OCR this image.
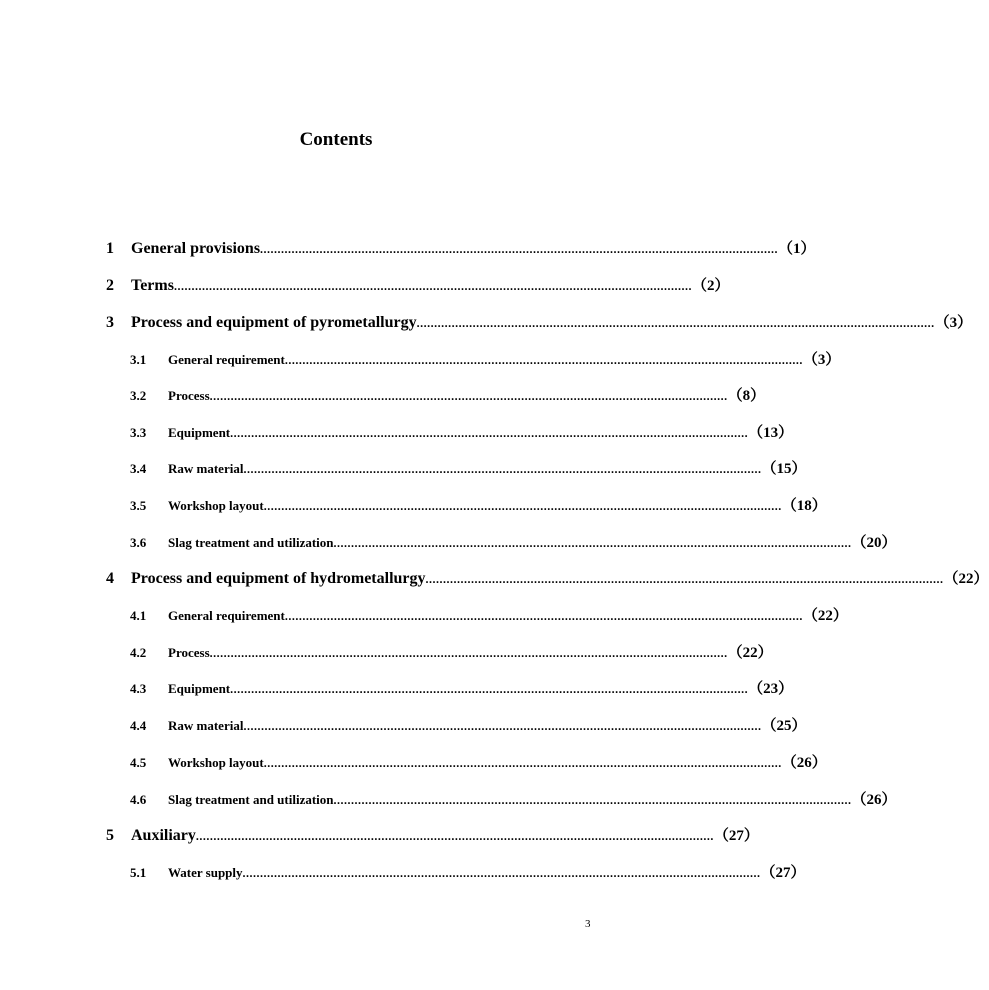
Contents
1	General provisions .................................................................................................................................................... （1）
2	Terms .................................................................................................................................................... （2）
3	Process and equipment of pyrometallurgy .................................................................................................................................................... （3）
3.1	General requirement .................................................................................................................................................... （3）
3.2	Process .................................................................................................................................................... （8）
3.3	Equipment .................................................................................................................................................... （13）
3.4	Raw material .................................................................................................................................................... （15）
3.5	Workshop layout .................................................................................................................................................... （18）
3.6	Slag treatment and utilization .................................................................................................................................................... （20）
4	Process and equipment of hydrometallurgy .................................................................................................................................................... （22）
4.1	General requirement .................................................................................................................................................... （22）
4.2	Process .................................................................................................................................................... （22）
4.3	Equipment .................................................................................................................................................... （23）
4.4	Raw material .................................................................................................................................................... （25）
4.5	Workshop layout .................................................................................................................................................... （26）
4.6	Slag treatment and utilization .................................................................................................................................................... （26）
5	Auxiliary .................................................................................................................................................... （27）
5.1	Water supply .................................................................................................................................................... （27）
3
